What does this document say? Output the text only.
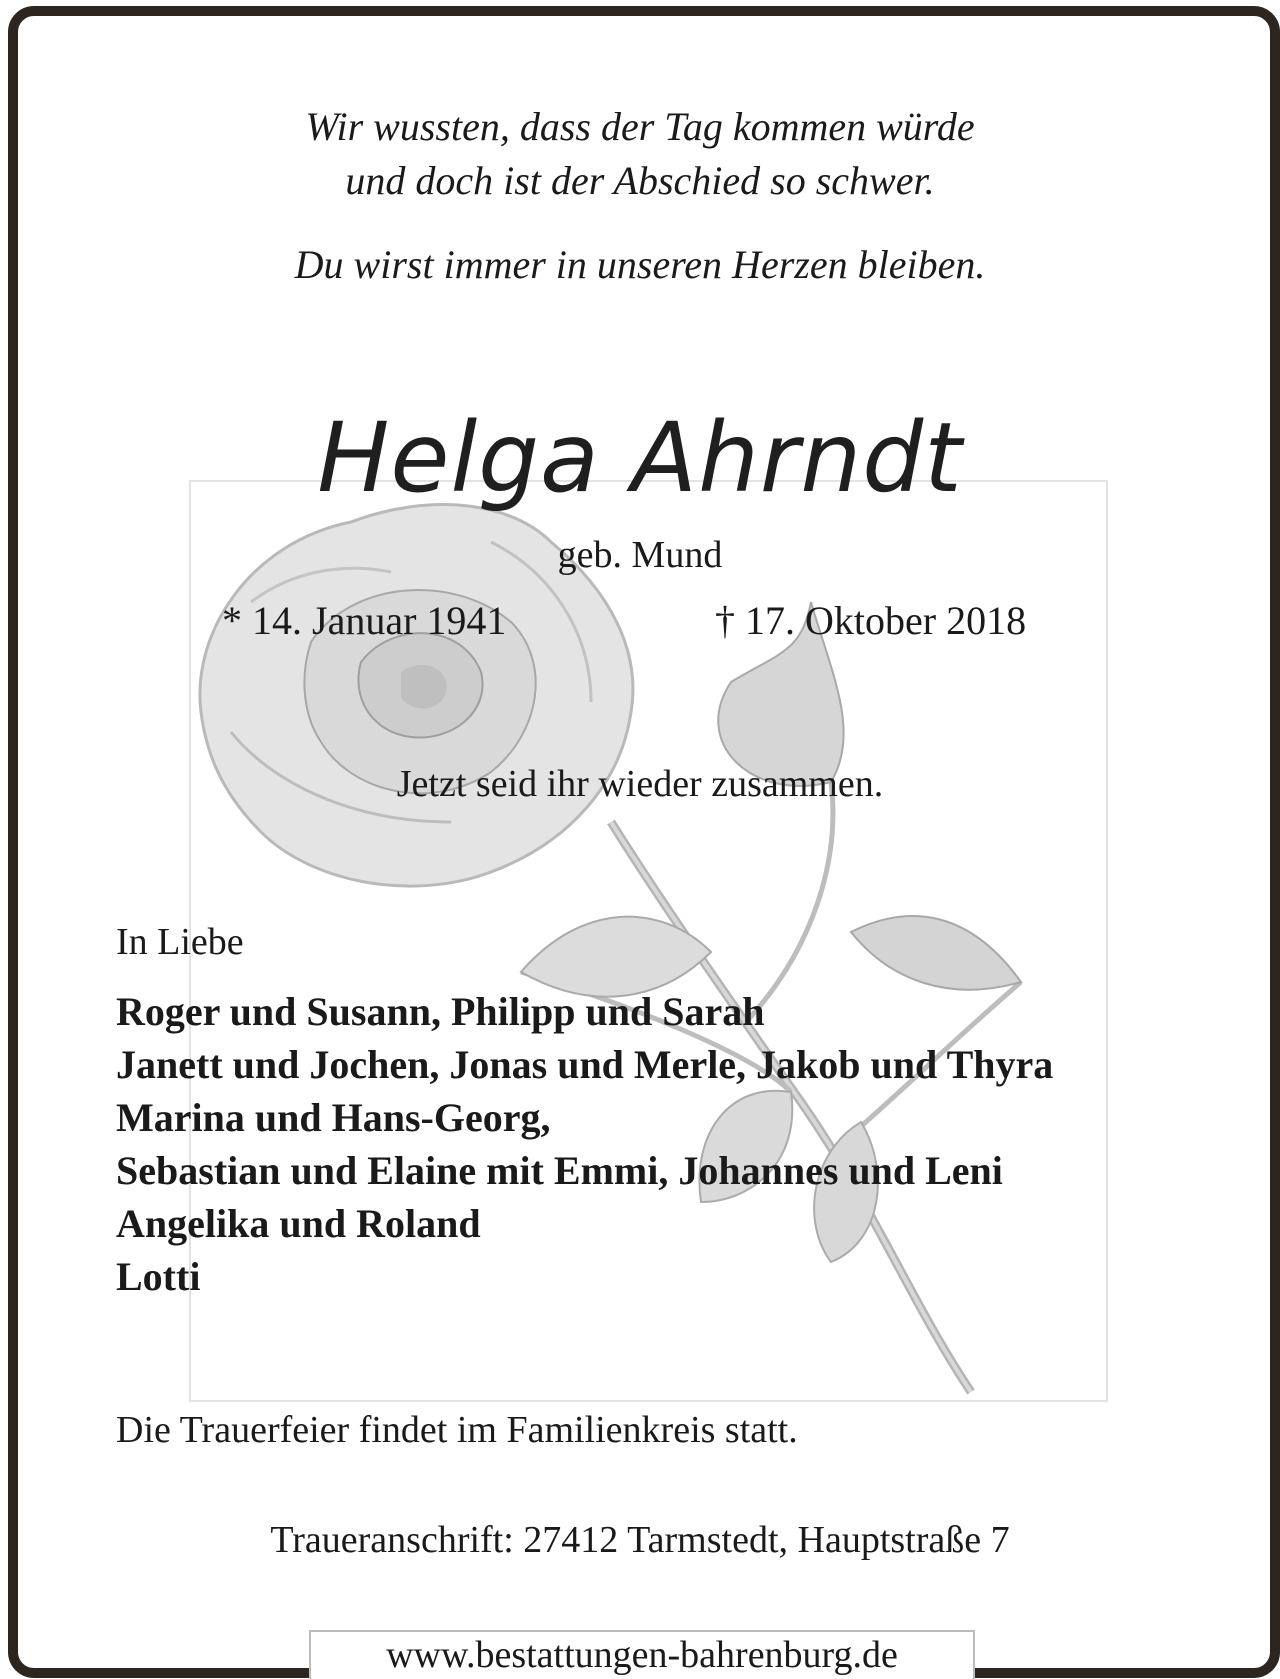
Wir wussten, dass der Tag kommen würde
und doch ist der Abschied so schwer.
Du wirst immer in unseren Herzen bleiben.
Helga Ahrndt
geb. Mund
* 14. Januar 1941	† 17. Oktober 2018
Jetzt seid ihr wieder zusammen.
In Liebe
Roger und Susann, Philipp und Sarah
Janett und Jochen, Jonas und Merle, Jakob und Thyra
Marina und Hans-Georg,
Sebastian und Elaine mit Emmi, Johannes und Leni
Angelika und Roland
Lotti
Die Trauerfeier findet im Familienkreis statt.
Traueranschrift: 27412 Tarmstedt, Hauptstraße 7
www.bestattungen-bahrenburg.de
